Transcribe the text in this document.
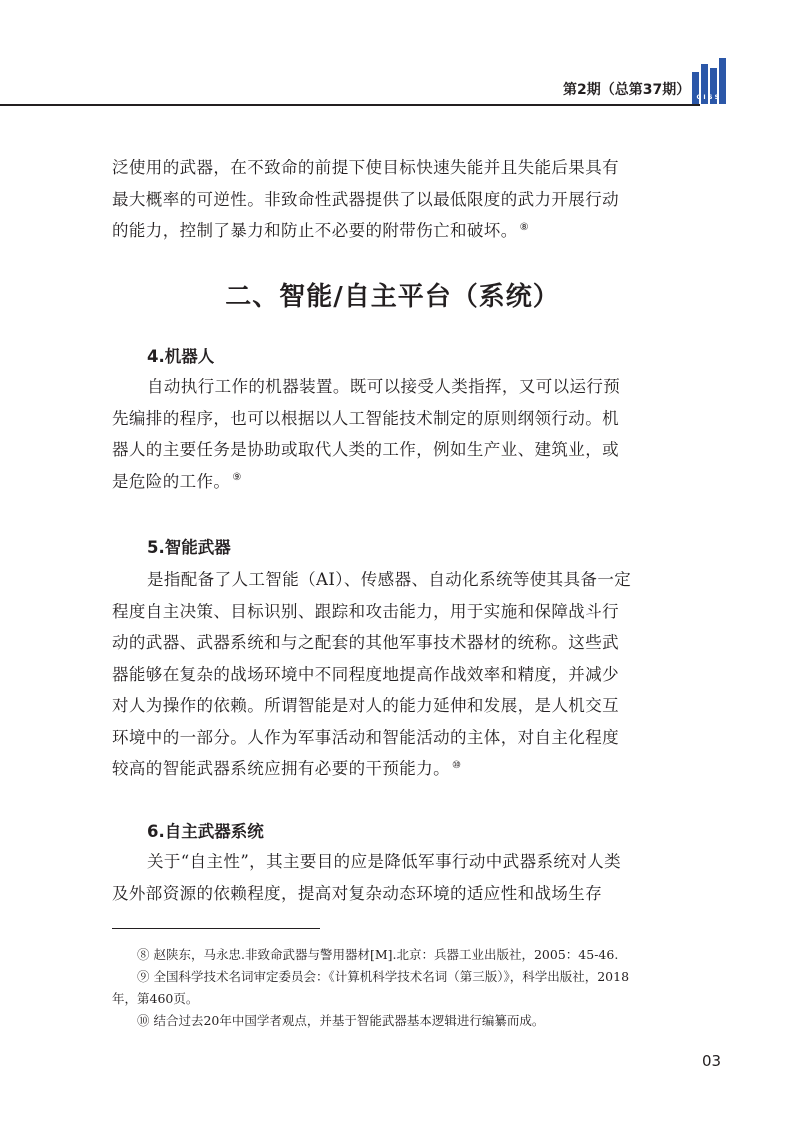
第2期（总第37期） CISS

泛使用的武器，在不致命的前提下使目标快速失能并且失能后果具有最大概率的可逆性。非致命性武器提供了以最低限度的武力开展行动的能力，控制了暴力和防止不必要的附带伤亡和破坏。 ⑧

二、智能/自主平台（系统）
4.机器人

自动执行工作的机器装置。既可以接受人类指挥，又可以运行预先编排的程序，也可以根据以人工智能技术制定的原则纲领行动。机器人的主要任务是协助或取代人类的工作，例如生产业、建筑业，或是危险的工作。 ⑨

5.智能武器

是指配备了人工智能（AI）、传感器、自动化系统等使其具备一定程度自主决策、目标识别、跟踪和攻击能力，用于实施和保障战斗行动的武器、武器系统和与之配套的其他军事技术器材的统称。这些武器能够在复杂的战场环境中不同程度地提高作战效率和精度，并减少对人为操作的依赖。所谓智能是对人的能力延伸和发展，是人机交互环境中的一部分。人作为军事活动和智能活动的主体，对自主化程度较高的智能武器系统应拥有必要的干预能力。 ⑩

6.自主武器系统

关于“自主性”，其主要目的应是降低军事行动中武器系统对人类及外部资源的依赖程度，提高对复杂动态环境的适应性和战场生存

⑧ 赵陕东，马永忠.非致命武器与警用器材[M].北京：兵器工业出版社，2005：45-46.

⑨ 全国科学技术名词审定委员会：《计算机科学技术名词（第三版）》，科学出版社，2018年，第460页。

⑩ 结合过去20年中国学者观点，并基于智能武器基本逻辑进行编纂而成。

03
